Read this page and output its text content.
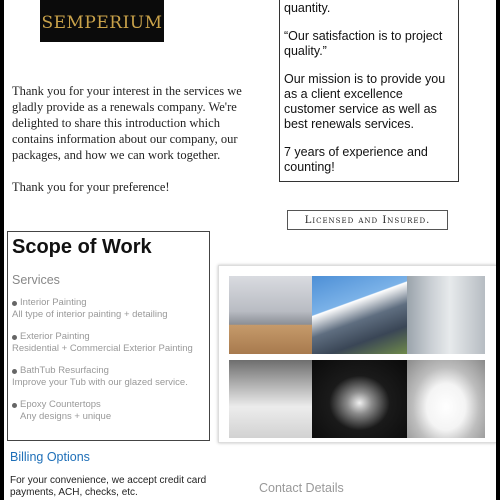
SEMPERIUM

Thank you for your interest in the services we gladly provide as a renewals company. We're delighted to share this introduction which contains information about our company, our packages, and how we can work together.

Thank you for your preference!

quantity.

“Our satisfaction is to project quality.”

Our mission is to provide you as a client excellence customer service as well as best renewals services.

7 years of experience and counting!

Licensed and Insured.
Scope of Work
Services
Interior Painting
All type of interior painting + detailing
Exterior Painting
Residential + Commercial Exterior Painting
BathTub Resurfacing
Improve your Tub with our glazed service.
Epoxy Countertops
Any designs + unique
Billing Options
For your convenience, we accept credit card payments, ACH, checks, etc.	Contact Details
